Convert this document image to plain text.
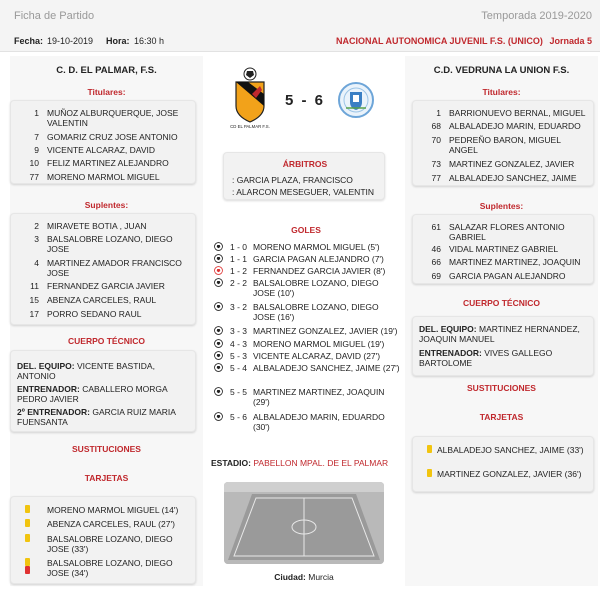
Ficha de Partido	Temporada 2019-2020
Fecha: 19-10-2019 Hora: 16:30 h	NACIONAL AUTONOMICA JUVENIL F.S. (UNICO) Jornada 5
C. D. EL PALMAR, F.S.	C.D. VEDRUNA LA UNION F.S.
CD EL PALMAR F.S.
5 - 6
Titulares:
1 MUÑOZ ALBURQUERQUE, JOSE VALENTIN
7 GOMARIZ CRUZ JOSE ANTONIO
9 VICENTE ALCARAZ, DAVID
10 FELIZ MARTINEZ ALEJANDRO
77 MORENO MARMOL MIGUEL
Suplentes:
2 MIRAVETE BOTIA , JUAN
3 BALSALOBRE LOZANO, DIEGO JOSE
4 MARTINEZ AMADOR FRANCISCO JOSE
11 FERNANDEZ GARCIA JAVIER
15 ABENZA CARCELES, RAUL
17 PORRO SEDANO RAUL
CUERPO TÉCNICO
DEL. EQUIPO: VICENTE BASTIDA, ANTONIO
ENTRENADOR: CABALLERO MORGA PEDRO JAVIER
2º ENTRENADOR: GARCIA RUIZ MARIA FUENSANTA
SUSTITUCIONES
TARJETAS
MORENO MARMOL MIGUEL (14')
ABENZA CARCELES, RAUL (27')
BALSALOBRE LOZANO, DIEGO JOSE (33')
BALSALOBRE LOZANO, DIEGO JOSE (34')
ÁRBITROS
: GARCIA PLAZA, FRANCISCO
: ALARCON MESEGUER, VALENTIN
GOLES
1 - 0 MORENO MARMOL MIGUEL (5')
1 - 1 GARCIA PAGAN ALEJANDRO (7')
1 - 2 FERNANDEZ GARCIA JAVIER (8')
2 - 2 BALSALOBRE LOZANO, DIEGO JOSE (10')
3 - 2 BALSALOBRE LOZANO, DIEGO JOSE (16')
3 - 3 MARTINEZ GONZALEZ, JAVIER (19')
4 - 3 MORENO MARMOL MIGUEL (19')
5 - 3 VICENTE ALCARAZ, DAVID (27')
5 - 4 ALBALADEJO SANCHEZ, JAIME (27')
5 - 5 MARTINEZ MARTINEZ, JOAQUIN (29')
5 - 6 ALBALADEJO MARIN, EDUARDO (30')
ESTADIO: PABELLON MPAL. DE EL PALMAR
Ciudad: Murcia
Titulares:
1 BARRIONUEVO BERNAL, MIGUEL
68 ALBALADEJO MARIN, EDUARDO
70 PEDREÑO BARON, MIGUEL ANGEL
73 MARTINEZ GONZALEZ, JAVIER
77 ALBALADEJO SANCHEZ, JAIME
Suplentes:
61 SALAZAR FLORES ANTONIO GABRIEL
46 VIDAL MARTINEZ GABRIEL
66 MARTINEZ MARTINEZ, JOAQUIN
69 GARCIA PAGAN ALEJANDRO
CUERPO TÉCNICO
DEL. EQUIPO: MARTINEZ HERNANDEZ, JOAQUIN MANUEL
ENTRENADOR: VIVES GALLEGO BARTOLOME
SUSTITUCIONES
TARJETAS
ALBALADEJO SANCHEZ, JAIME (33')
MARTINEZ GONZALEZ, JAVIER (36')
